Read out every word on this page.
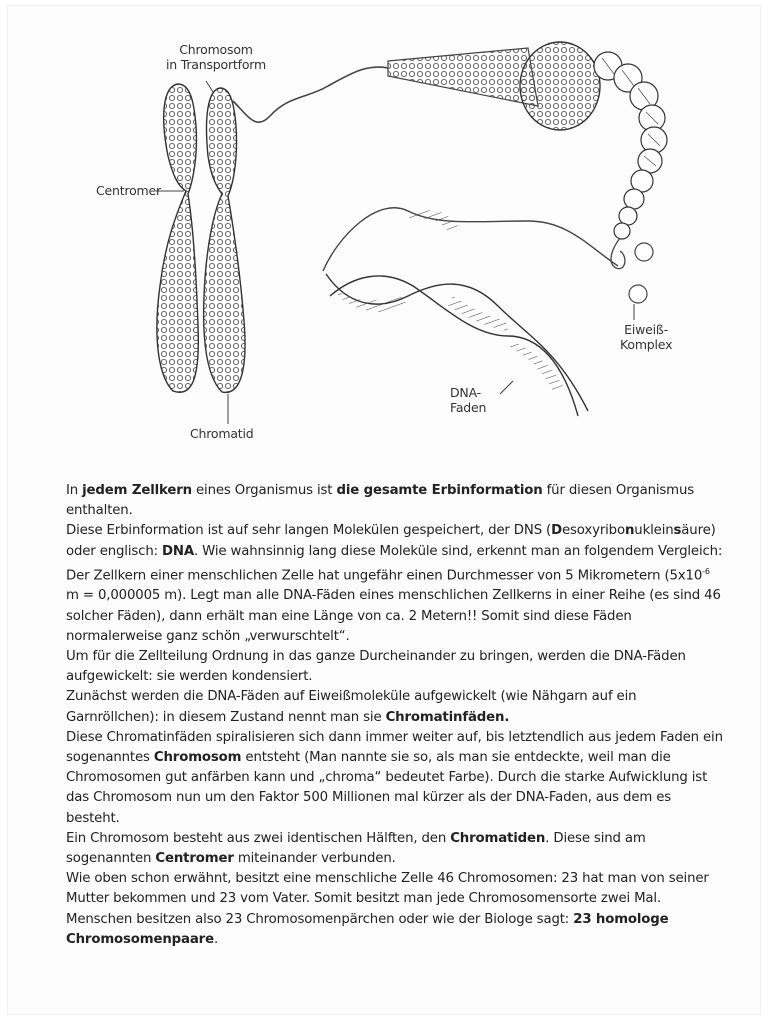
Chromosom
in Transportform
Centromer
Chromatid
Eiweiß-
Komplex
DNA-
Faden

In jedem Zellkern eines Organismus ist die gesamte Erbinformation für diesen Organismus enthalten.

Diese Erbinformation ist auf sehr langen Molekülen gespeichert, der DNS (Desoxyribonukleinsäure) oder englisch: DNA. Wie wahnsinnig lang diese Moleküle sind, erkennt man an folgendem Vergleich: Der Zellkern einer menschlichen Zelle hat ungefähr einen Durchmesser von 5 Mikrometern ($5x10^{-6}$ m = 0,000005 m). Legt man alle DNA-Fäden eines menschlichen Zellkerns in einer Reihe (es sind 46 solcher Fäden), dann erhält man eine Länge von ca. 2 Metern!! Somit sind diese Fäden normalerweise ganz schön „verwurschtelt“.

Um für die Zellteilung Ordnung in das ganze Durcheinander zu bringen, werden die DNA-Fäden aufgewickelt: sie werden kondensiert.

Zunächst werden die DNA-Fäden auf Eiweißmoleküle aufgewickelt (wie Nähgarn auf ein Garnröllchen): in diesem Zustand nennt man sie Chromatinfäden.

Diese Chromatinfäden spiralisieren sich dann immer weiter auf, bis letztendlich aus jedem Faden ein sogenanntes Chromosom entsteht (Man nannte sie so, als man sie entdeckte, weil man die Chromosomen gut anfärben kann und „chroma“ bedeutet Farbe). Durch die starke Aufwicklung ist das Chromosom nun um den Faktor 500 Millionen mal kürzer als der DNA-Faden, aus dem es besteht.

Ein Chromosom besteht aus zwei identischen Hälften, den Chromatiden. Diese sind am sogenannten Centromer miteinander verbunden.

Wie oben schon erwähnt, besitzt eine menschliche Zelle 46 Chromosomen: 23 hat man von seiner Mutter bekommen und 23 vom Vater. Somit besitzt man jede Chromosomensorte zwei Mal. Menschen besitzen also 23 Chromosomenpärchen oder wie der Biologe sagt: 23 homologe Chromosomenpaare.
